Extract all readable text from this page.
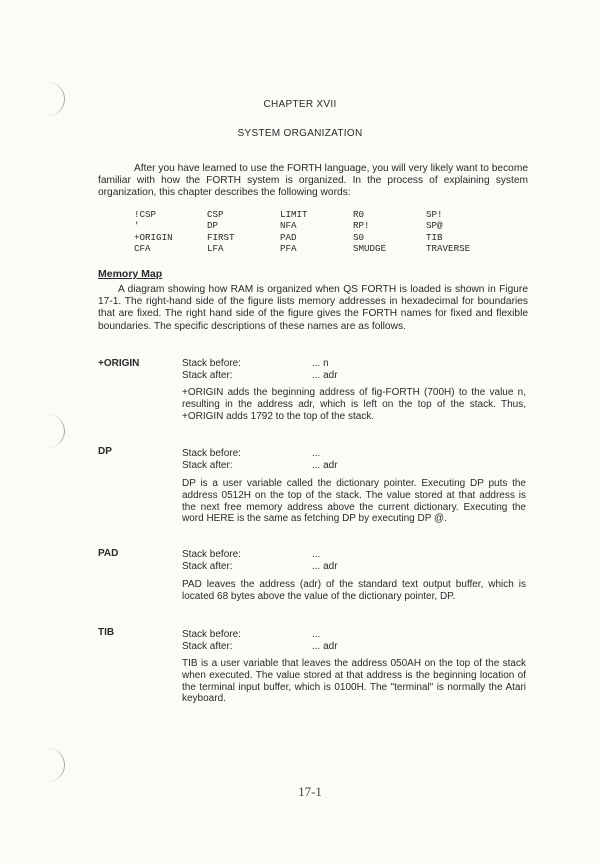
CHAPTER XVII
SYSTEM ORGANIZATION

After you have learned to use the FORTH language, you will very likely want to become familiar with how the FORTH system is organized. In the process of explaining system organization, this chapter describes the following words:

!CSP	CSP	LIMIT	R0	SP!
'	DP	NFA	RP!	SP@
+ORIGIN	FIRST	PAD	S0	TIB
CFA	LFA	PFA	SMUDGE	TRAVERSE
Memory Map

A diagram showing how RAM is organized when QS FORTH is loaded is shown in Figure 17-1. The right-hand side of the figure lists memory addresses in hexadecimal for boundaries that are fixed. The right hand side of the figure gives the FORTH names for fixed and flexible boundaries. The specific descriptions of these names are as follows.

+ORIGIN	Stack before:	... n
Stack after:	... adr

+ORIGIN adds the beginning address of fig-FORTH (700H) to the value n, resulting in the address adr, which is left on the top of the stack. Thus, +ORIGIN adds 1792 to the top of the stack.

DP	Stack before:	...
Stack after:	... adr

DP is a user variable called the dictionary pointer. Executing DP puts the address 0512H on the top of the stack. The value stored at that address is the next free memory address above the current dictionary. Executing the word HERE is the same as fetching DP by executing DP @.

PAD	Stack before:	...
Stack after:	... adr

PAD leaves the address (adr) of the standard text output buffer, which is located 68 bytes above the value of the dictionary pointer, DP.

TIB	Stack before:	...
Stack after:	... adr

TIB is a user variable that leaves the address 050AH on the top of the stack when executed. The value stored at that address is the beginning location of the terminal input buffer, which is 0100H. The "terminal" is normally the Atari keyboard.

17-1
